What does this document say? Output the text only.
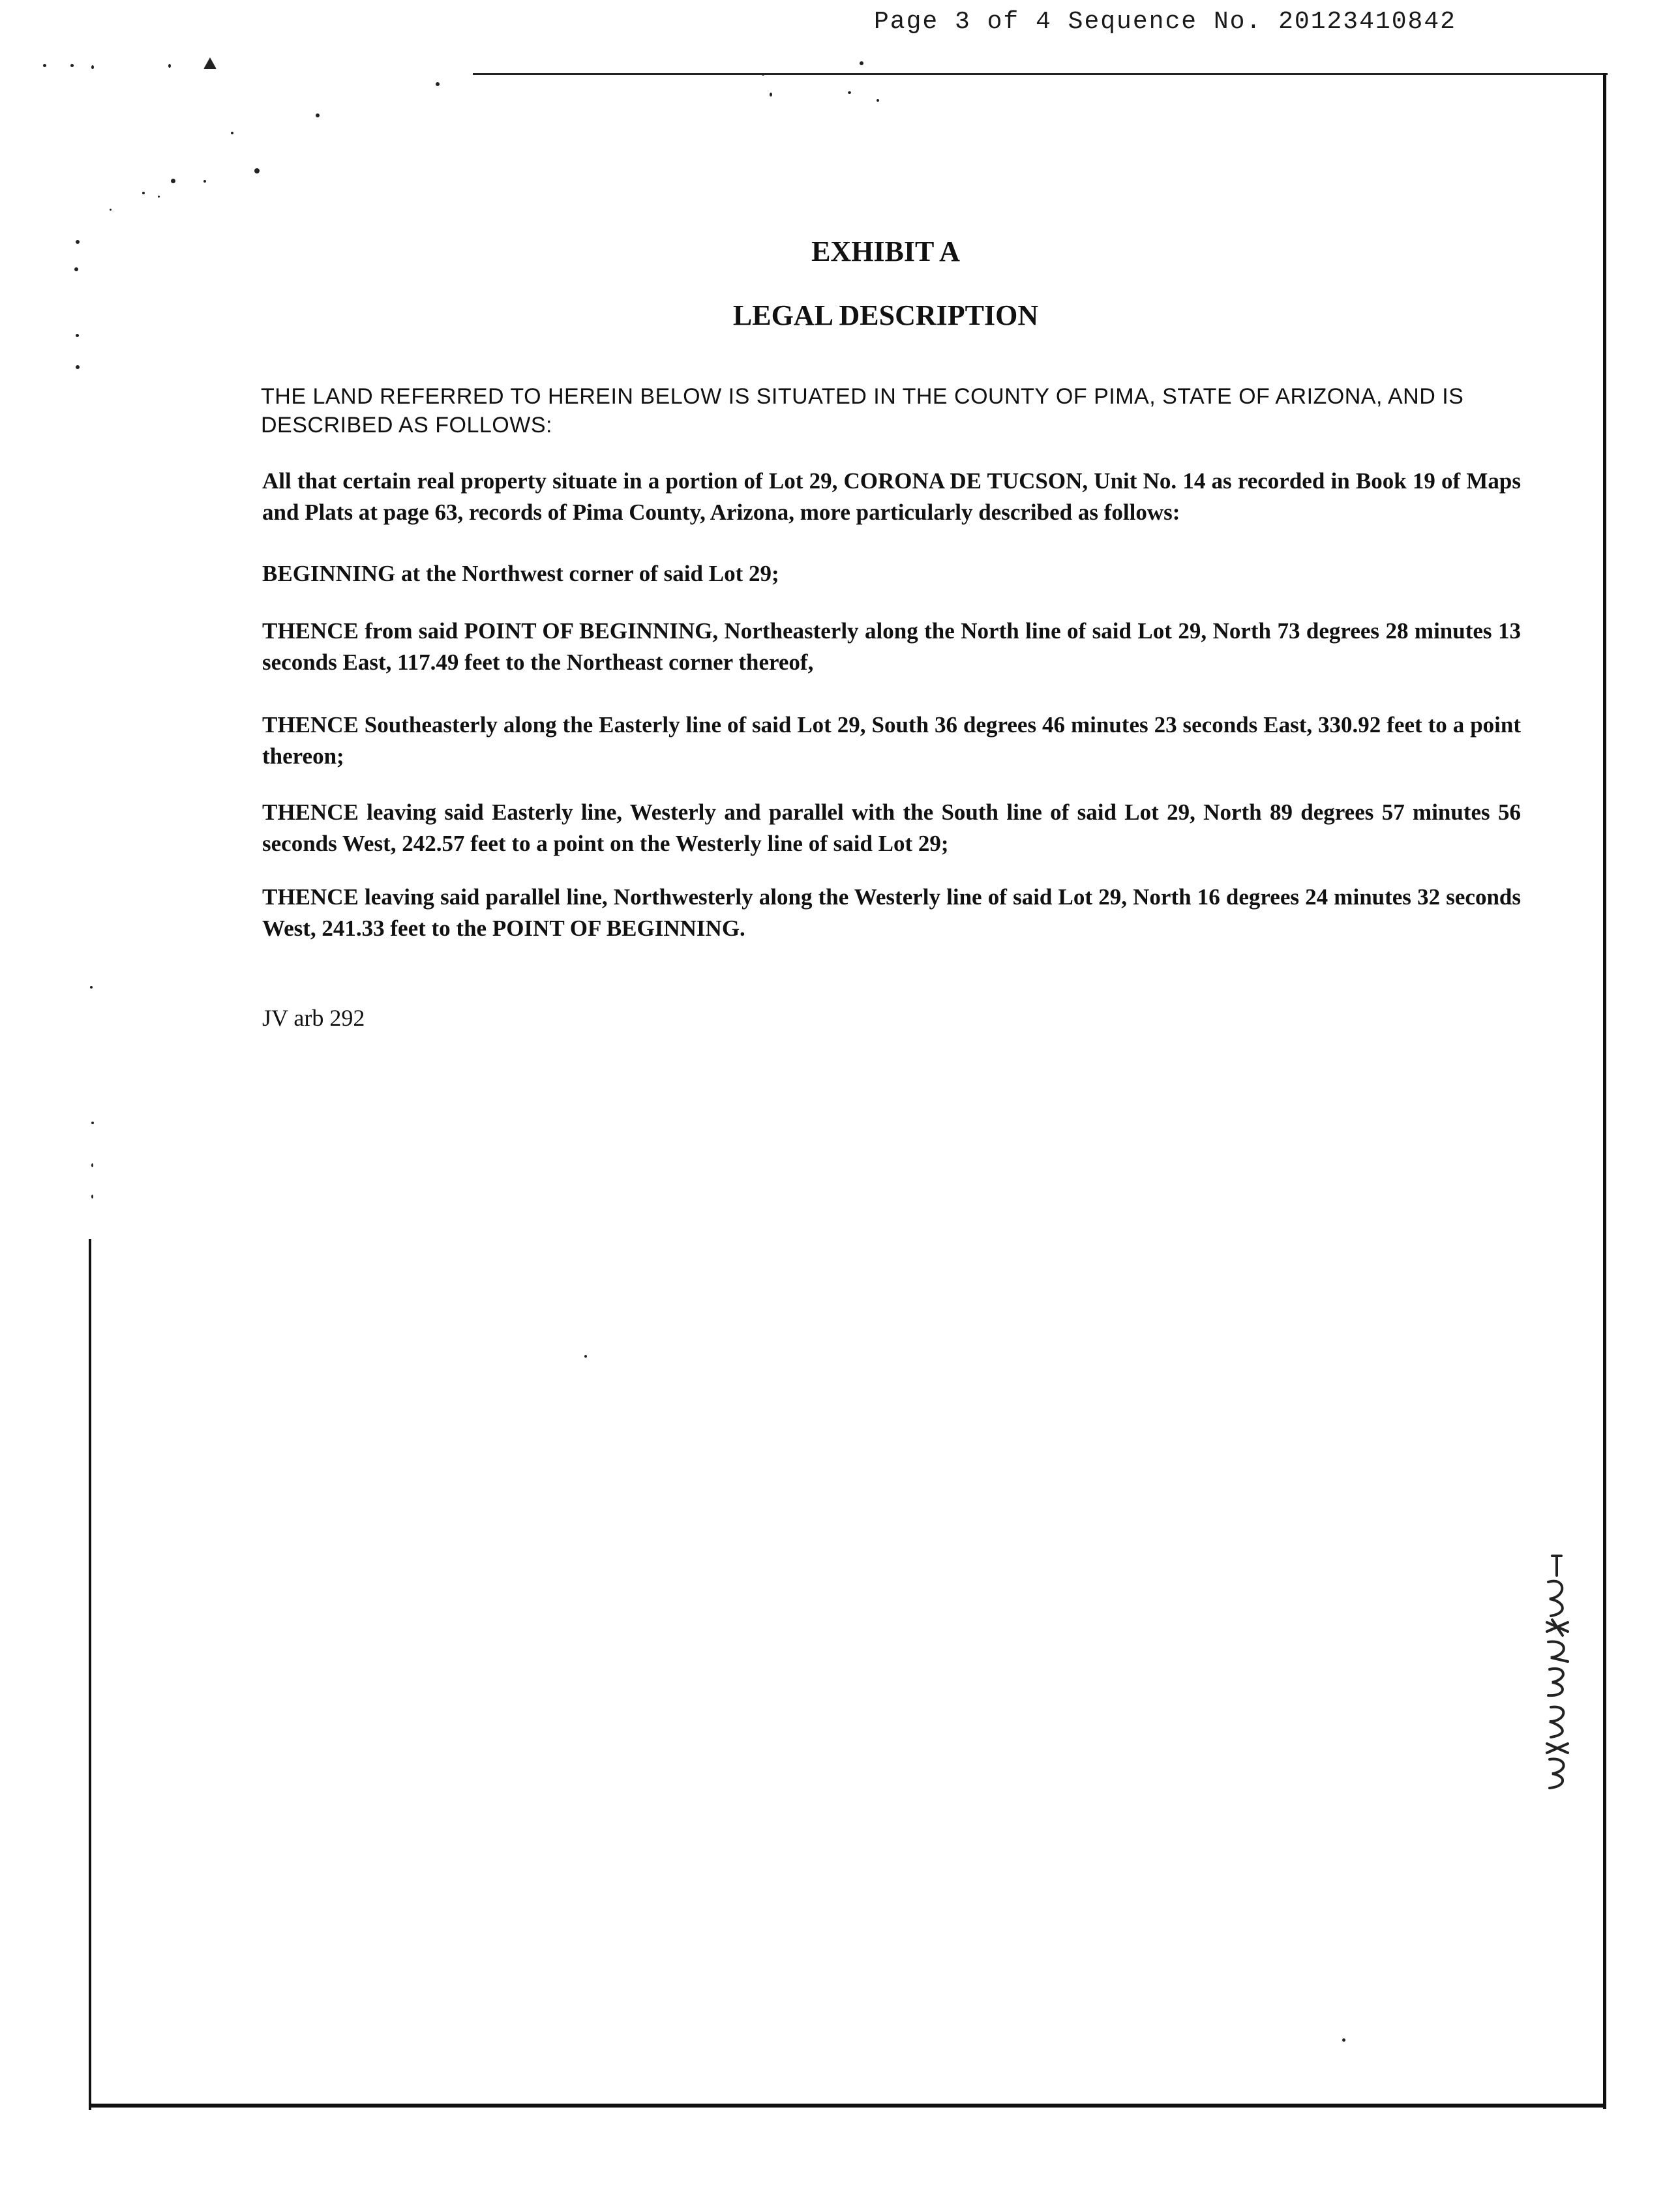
Page 3 of 4 Sequence No. 20123410842
EXHIBIT A
LEGAL DESCRIPTION
THE LAND REFERRED TO HEREIN BELOW IS SITUATED IN THE COUNTY OF PIMA, STATE OF ARIZONA, AND IS DESCRIBED AS FOLLOWS:
All that certain real property situate in a portion of Lot 29, CORONA DE TUCSON, Unit No. 14 as recorded in Book 19 of Maps and Plats at page 63, records of Pima County, Arizona, more particularly described as follows:
BEGINNING at the Northwest corner of said Lot 29;
THENCE from said POINT OF BEGINNING, Northeasterly along the North line of said Lot 29, North 73 degrees 28 minutes 13 seconds East, 117.49 feet to the Northeast corner thereof,
THENCE Southeasterly along the Easterly line of said Lot 29, South 36 degrees 46 minutes 23 seconds East, 330.92 feet to a point thereon;
THENCE leaving said Easterly line, Westerly and parallel with the South line of said Lot 29, North 89 degrees 57 minutes 56 seconds West, 242.57 feet to a point on the Westerly line of said Lot 29;
THENCE leaving said parallel line, Northwesterly along the Westerly line of said Lot 29, North 16 degrees 24 minutes 32 seconds West, 241.33 feet to the POINT OF BEGINNING.
JV arb 292
